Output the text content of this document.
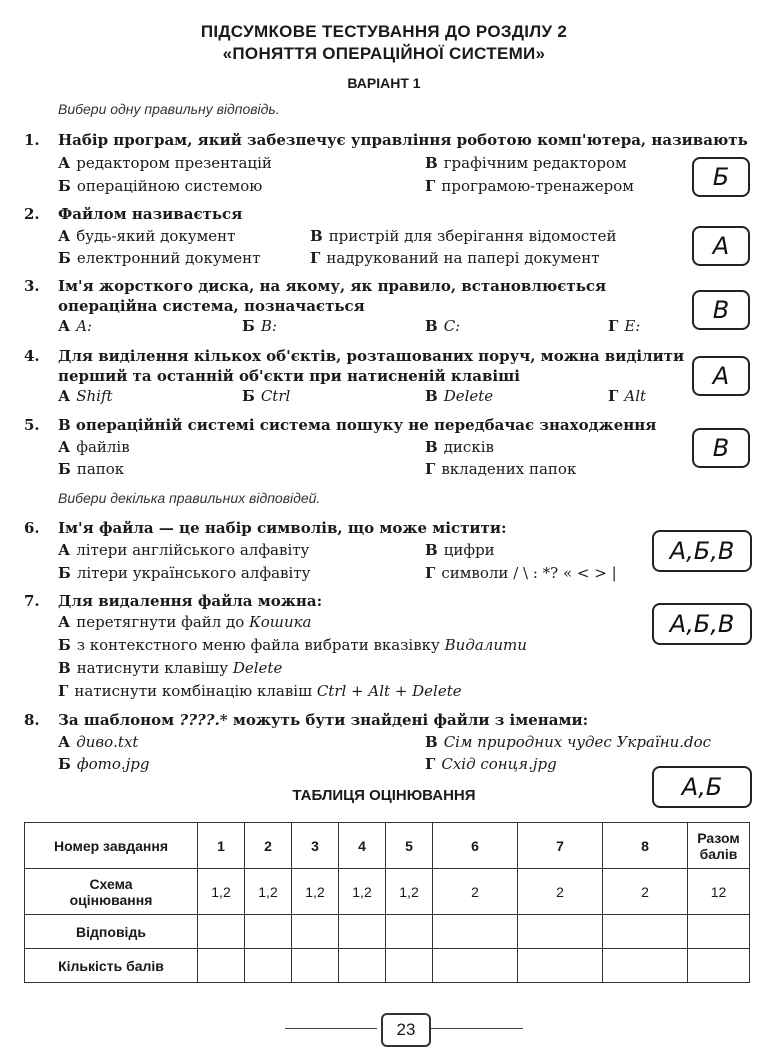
ПІДСУМКОВЕ ТЕСТУВАННЯ ДО РОЗДІЛУ 2
«ПОНЯТТЯ ОПЕРАЦІЙНОЇ СИСТЕМИ»
ВАРІАНТ 1
Вибери одну правильну відповідь.
1. Набір програм, який забезпечує управління роботою комп'ютера, називають
А редактором презентацій	В графічним редактором
Б операційною системою	Г програмою-тренажером	Б
2. Файлом називається
А будь-який документ	В пристрій для зберігання відомостей
Б електронний документ	Г надрукований на папері документ	А
3. Ім'я жорсткого диска, на якому, як правило, встановлюється
операційна система, позначається
А A:	Б B:	В C:	Г E:
В
4. Для виділення кількох об'єктів, розташованих поруч, можна виділити
перший та останній об'єкти при натисненій клавіші
А Shift	Б Ctrl	В Delete	Г Alt
А
5. В операційній системі система пошуку не передбачає знаходження
А файлів	В дисків
Б папок	Г вкладених папок
В
Вибери декілька правильних відповідей.
6. Ім'я файла — це набір символів, що може містити:
А літери англійського алфавіту	В цифри
Б літери українського алфавіту	Г символи / \ : *? « < > |
А,Б,В
7. Для видалення файла можна:
А перетягнути файл до Кошика
Б з контекстного меню файла вибрати вказівку Видалити
В натиснути клавішу Delete
Г натиснути комбінацію клавіш Ctrl + Alt + Delete
А,Б,В
8. За шаблоном ????.* можуть бути знайдені файли з іменами:
А диво.txt	В Сім природних чудес України.doc
Б фото.jpg	Г Схід сонця.jpg
А,Б
ТАБЛИЦЯ ОЦІНЮВАННЯ
Номер завдання	1	2	3	4	5	6	7	8	Разом
балів

Схема
оцінювання	1,2	1,2	1,2	1,2	1,2	2	2	2	12
Відповідь									
Кількість балів									
23
